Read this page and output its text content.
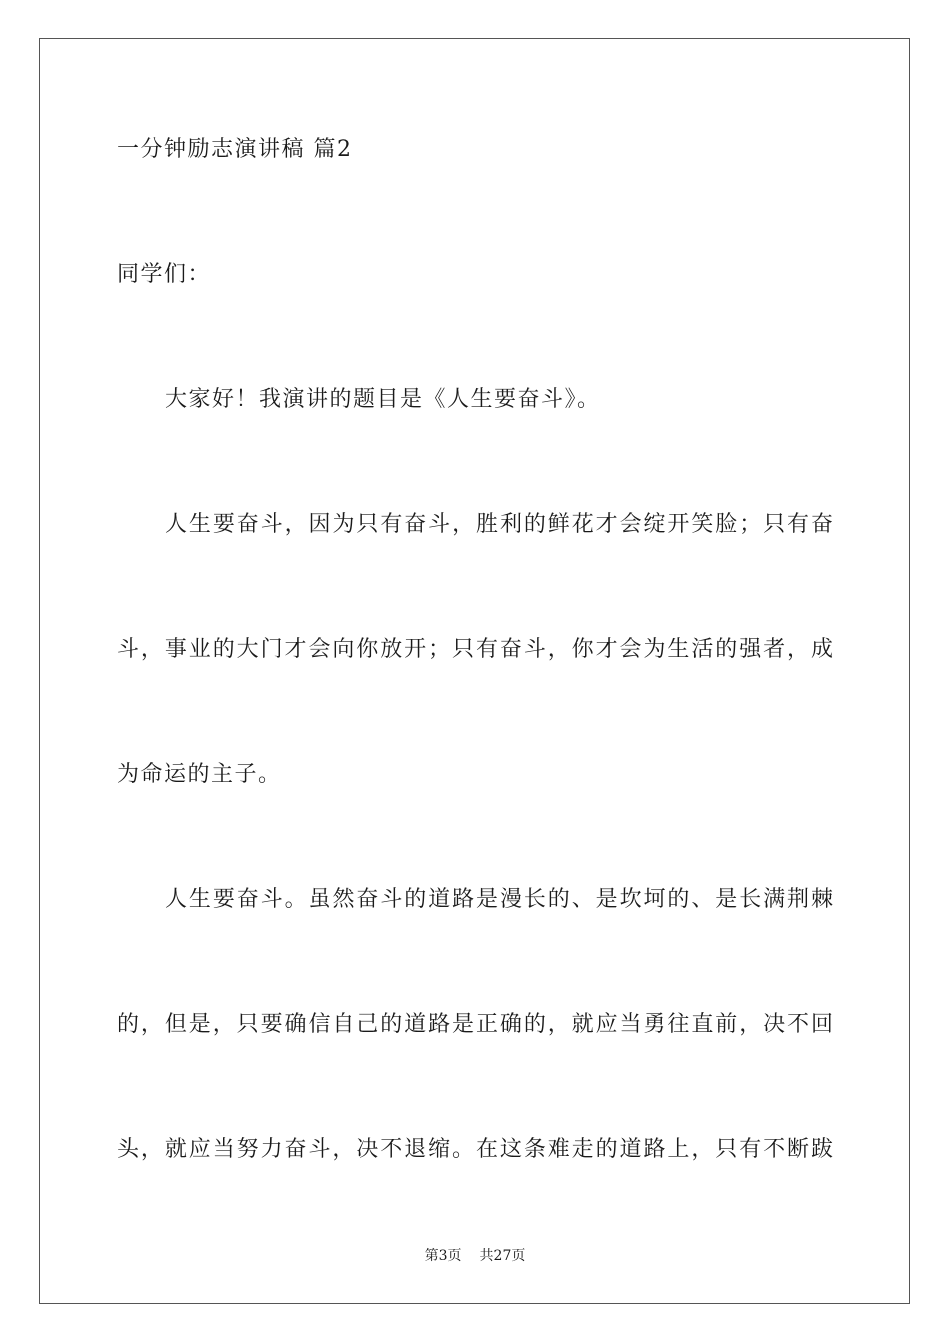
一分钟励志演讲稿 篇2
同学们：
大家好！我演讲的题目是《人生要奋斗》。
人生要奋斗，因为只有奋斗，胜利的鲜花才会绽开笑脸；只有奋
斗，事业的大门才会向你放开；只有奋斗，你才会为生活的强者，成
为命运的主子。
人生要奋斗。虽然奋斗的道路是漫长的、是坎坷的、是长满荆棘
的，但是，只要确信自己的道路是正确的，就应当勇往直前，决不回
头，就应当努力奋斗，决不退缩。在这条难走的道路上，只有不断跋
第3页 共27页
